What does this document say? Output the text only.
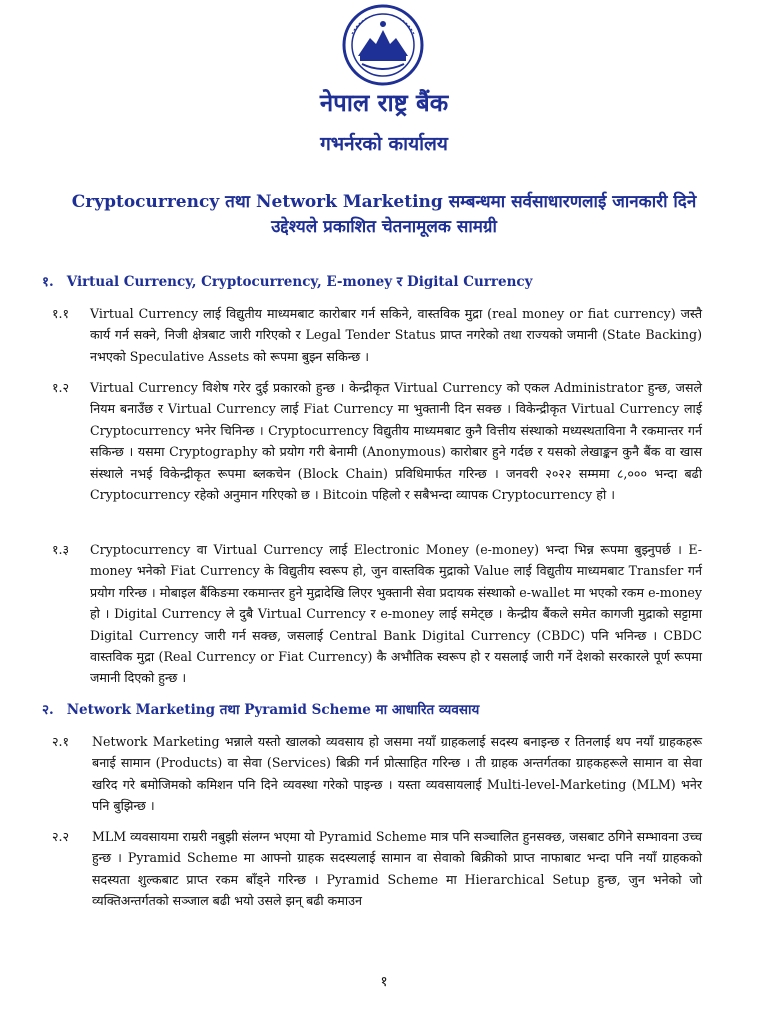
नेपाल राष्ट्र बैंक
गभर्नरको कार्यालय
Cryptocurrency तथा Network Marketing सम्बन्धमा सर्वसाधारणलाई जानकारी दिने
उद्देश्यले प्रकाशित चेतनामूलक सामग्री
१. Virtual Currency, Cryptocurrency, E-money र Digital Currency
१.१	Virtual Currency लाई विद्युतीय माध्यमबाट कारोबार गर्न सकिने, वास्तविक मुद्रा (real money or fiat currency) जस्तै कार्य गर्न सक्ने, निजी क्षेत्रबाट जारी गरिएको र Legal Tender Status प्राप्त नगरेको तथा राज्यको जमानी (State Backing) नभएको Speculative Assets को रूपमा बुझ्न सकिन्छ ।
१.२	Virtual Currency विशेष गरेर दुई प्रकारको हुन्छ । केन्द्रीकृत Virtual Currency को एकल Administrator हुन्छ, जसले नियम बनाउँछ र Virtual Currency लाई Fiat Currency मा भुक्तानी दिन सक्छ । विकेन्द्रीकृत Virtual Currency लाई Cryptocurrency भनेर चिनिन्छ । Cryptocurrency विद्युतीय माध्यमबाट कुनै वित्तीय संस्थाको मध्यस्थताविना नै रकमान्तर गर्न सकिन्छ । यसमा Cryptography को प्रयोग गरी बेनामी (Anonymous) कारोबार हुने गर्दछ र यसको लेखाङ्कन कुनै बैंक वा खास संस्थाले नभई विकेन्द्रीकृत रूपमा ब्लकचेन (Block Chain) प्रविधिमार्फत गरिन्छ । जनवरी २०२२ सम्ममा ८,००० भन्दा बढी Cryptocurrency रहेको अनुमान गरिएको छ । Bitcoin पहिलो र सबैभन्दा व्यापक Cryptocurrency हो ।
१.३	Cryptocurrency वा Virtual Currency लाई Electronic Money (e-money) भन्दा भिन्न रूपमा बुझ्नुपर्छ । E-money भनेको Fiat Currency के विद्युतीय स्वरूप हो, जुन वास्तविक मुद्राको Value लाई विद्युतीय माध्यमबाट Transfer गर्न प्रयोग गरिन्छ । मोबाइल बैंकिङमा रकमान्तर हुने मुद्रादेखि लिएर भुक्तानी सेवा प्रदायक संस्थाको e-wallet मा भएको रकम e-money हो । Digital Currency ले दुबै Virtual Currency र e-money लाई समेट्छ । केन्द्रीय बैंकले समेत कागजी मुद्राको सट्टामा Digital Currency जारी गर्न सक्छ, जसलाई Central Bank Digital Currency (CBDC) पनि भनिन्छ । CBDC वास्तविक मुद्रा (Real Currency or Fiat Currency) कै अभौतिक स्वरूप हो र यसलाई जारी गर्ने देशको सरकारले पूर्ण रूपमा जमानी दिएको हुन्छ ।
२. Network Marketing तथा Pyramid Scheme मा आधारित व्यवसाय
२.१	Network Marketing भन्नाले यस्तो खालको व्यवसाय हो जसमा नयाँ ग्राहकलाई सदस्य बनाइन्छ र तिनलाई थप नयाँ ग्राहकहरू बनाई सामान (Products) वा सेवा (Services) बिक्री गर्न प्रोत्साहित गरिन्छ । ती ग्राहक अन्तर्गतका ग्राहकहरूले सामान वा सेवा खरिद गरे बमोजिमको कमिशन पनि दिने व्यवस्था गरेको पाइन्छ । यस्ता व्यवसायलाई Multi-level-Marketing (MLM) भनेर पनि बुझिन्छ ।
२.२	MLM व्यवसायमा राम्ररी नबुझी संलग्न भएमा यो Pyramid Scheme मात्र पनि सञ्चालित हुनसक्छ, जसबाट ठगिने सम्भावना उच्च हुन्छ । Pyramid Scheme मा आफ्नो ग्राहक सदस्यलाई सामान वा सेवाको बिक्रीको प्राप्त नाफाबाट भन्दा पनि नयाँ ग्राहकको सदस्यता शुल्कबाट प्राप्त रकम बाँड्ने गरिन्छ । Pyramid Scheme मा Hierarchical Setup हुन्छ, जुन भनेको जो व्यक्तिअन्तर्गतको सञ्जाल बढी भयो उसले झन् बढी कमाउन
१
